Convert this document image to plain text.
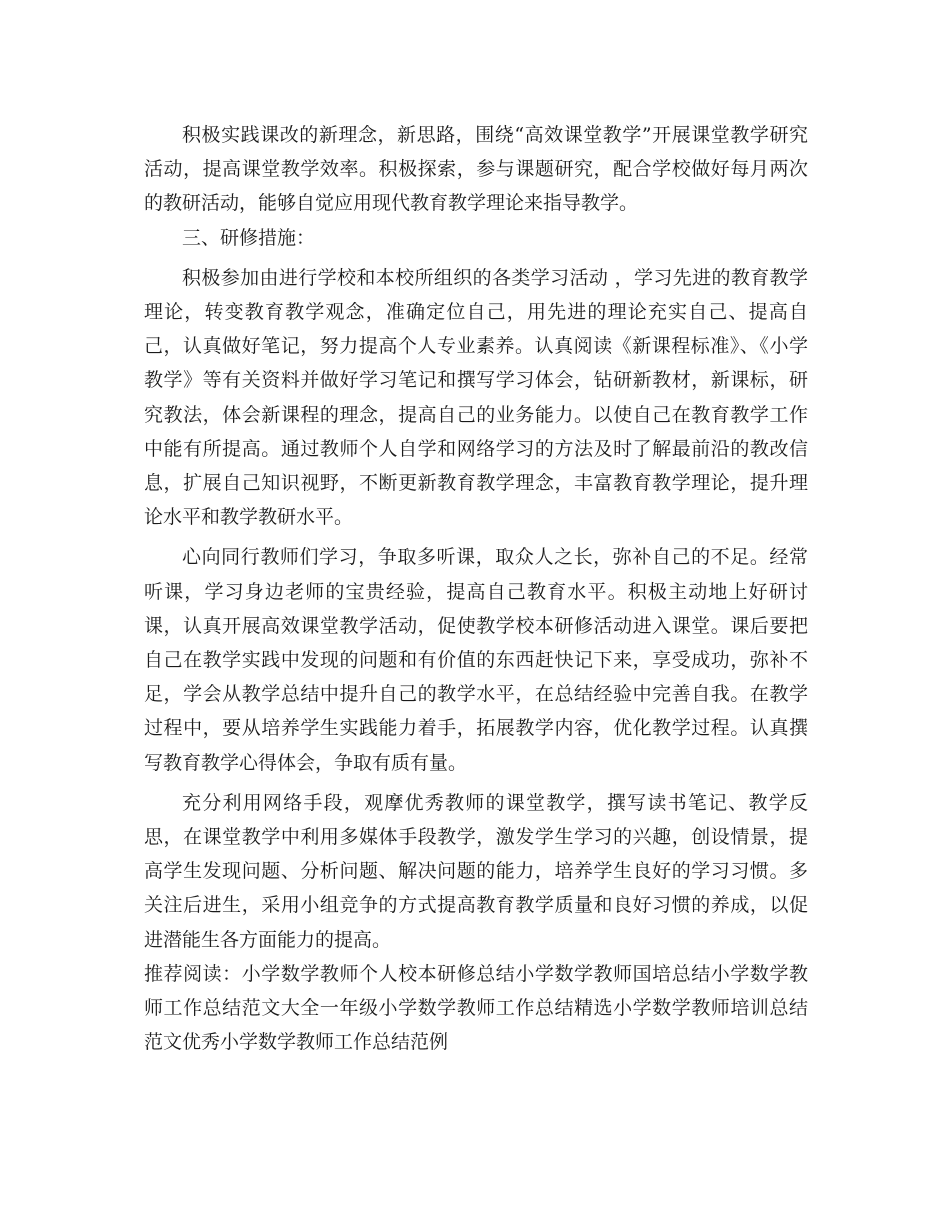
积极实践课改的新理念，新思路，围绕“高效课堂教学”开展课堂教学研究活动，提高课堂教学效率。积极探索，参与课题研究，配合学校做好每月两次的教研活动，能够自觉应用现代教育教学理论来指导教学。

三、研修措施：

积极参加由进行学校和本校所组织的各类学习活动 ，学习先进的教育教学理论，转变教育教学观念，准确定位自己，用先进的理论充实自己、提高自己，认真做好笔记，努力提高个人专业素养。认真阅读《新课程标准》、《小学教学》等有关资料并做好学习笔记和撰写学习体会，钻研新教材，新课标，研究教法，体会新课程的理念，提高自己的业务能力。以使自己在教育教学工作中能有所提高。通过教师个人自学和网络学习的方法及时了解最前沿的教改信息，扩展自己知识视野，不断更新教育教学理念，丰富教育教学理论，提升理论水平和教学教研水平。

心向同行教师们学习，争取多听课，取众人之长，弥补自己的不足。经常听课，学习身边老师的宝贵经验，提高自己教育水平。积极主动地上好研讨课，认真开展高效课堂教学活动，促使教学校本研修活动进入课堂。课后要把自己在教学实践中发现的问题和有价值的东西赶快记下来，享受成功，弥补不足，学会从教学总结中提升自己的教学水平，在总结经验中完善自我。在教学过程中，要从培养学生实践能力着手，拓展教学内容，优化教学过程。认真撰写教育教学心得体会，争取有质有量。

充分利用网络手段，观摩优秀教师的课堂教学，撰写读书笔记、教学反思，在课堂教学中利用多媒体手段教学，激发学生学习的兴趣，创设情景，提高学生发现问题、分析问题、解决问题的能力，培养学生良好的学习习惯。多关注后进生，采用小组竞争的方式提高教育教学质量和良好习惯的养成，以促进潜能生各方面能力的提高。

推荐阅读：小学数学教师个人校本研修总结小学数学教师国培总结小学数学教师工作总结范文大全一年级小学数学教师工作总结精选小学数学教师培训总结范文优秀小学数学教师工作总结范例
